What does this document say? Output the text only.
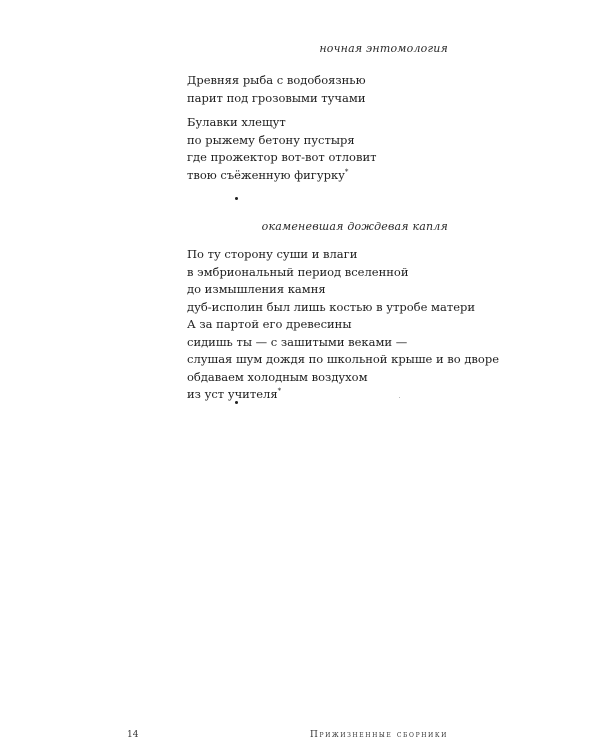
ночная энтомология
Древняя рыба с водобоязнью
парит под грозовыми тучами
Булавки хлещут
по рыжему бетону пустыря
где прожектор вот-вот отловит
твою съёженную фигурку*
окаменевшая дождевая капля
По ту сторону суши и влаги
в эмбриональный период вселенной
до измышления камня
дуб-исполин был лишь костью в утробе матери
А за партой его древесины
сидишь ты — с зашитыми веками —
слушая шум дождя по школьной крыше и во дворе
обдаваем холодным воздухом
из уст учителя*
14	Прижизненные сборники
